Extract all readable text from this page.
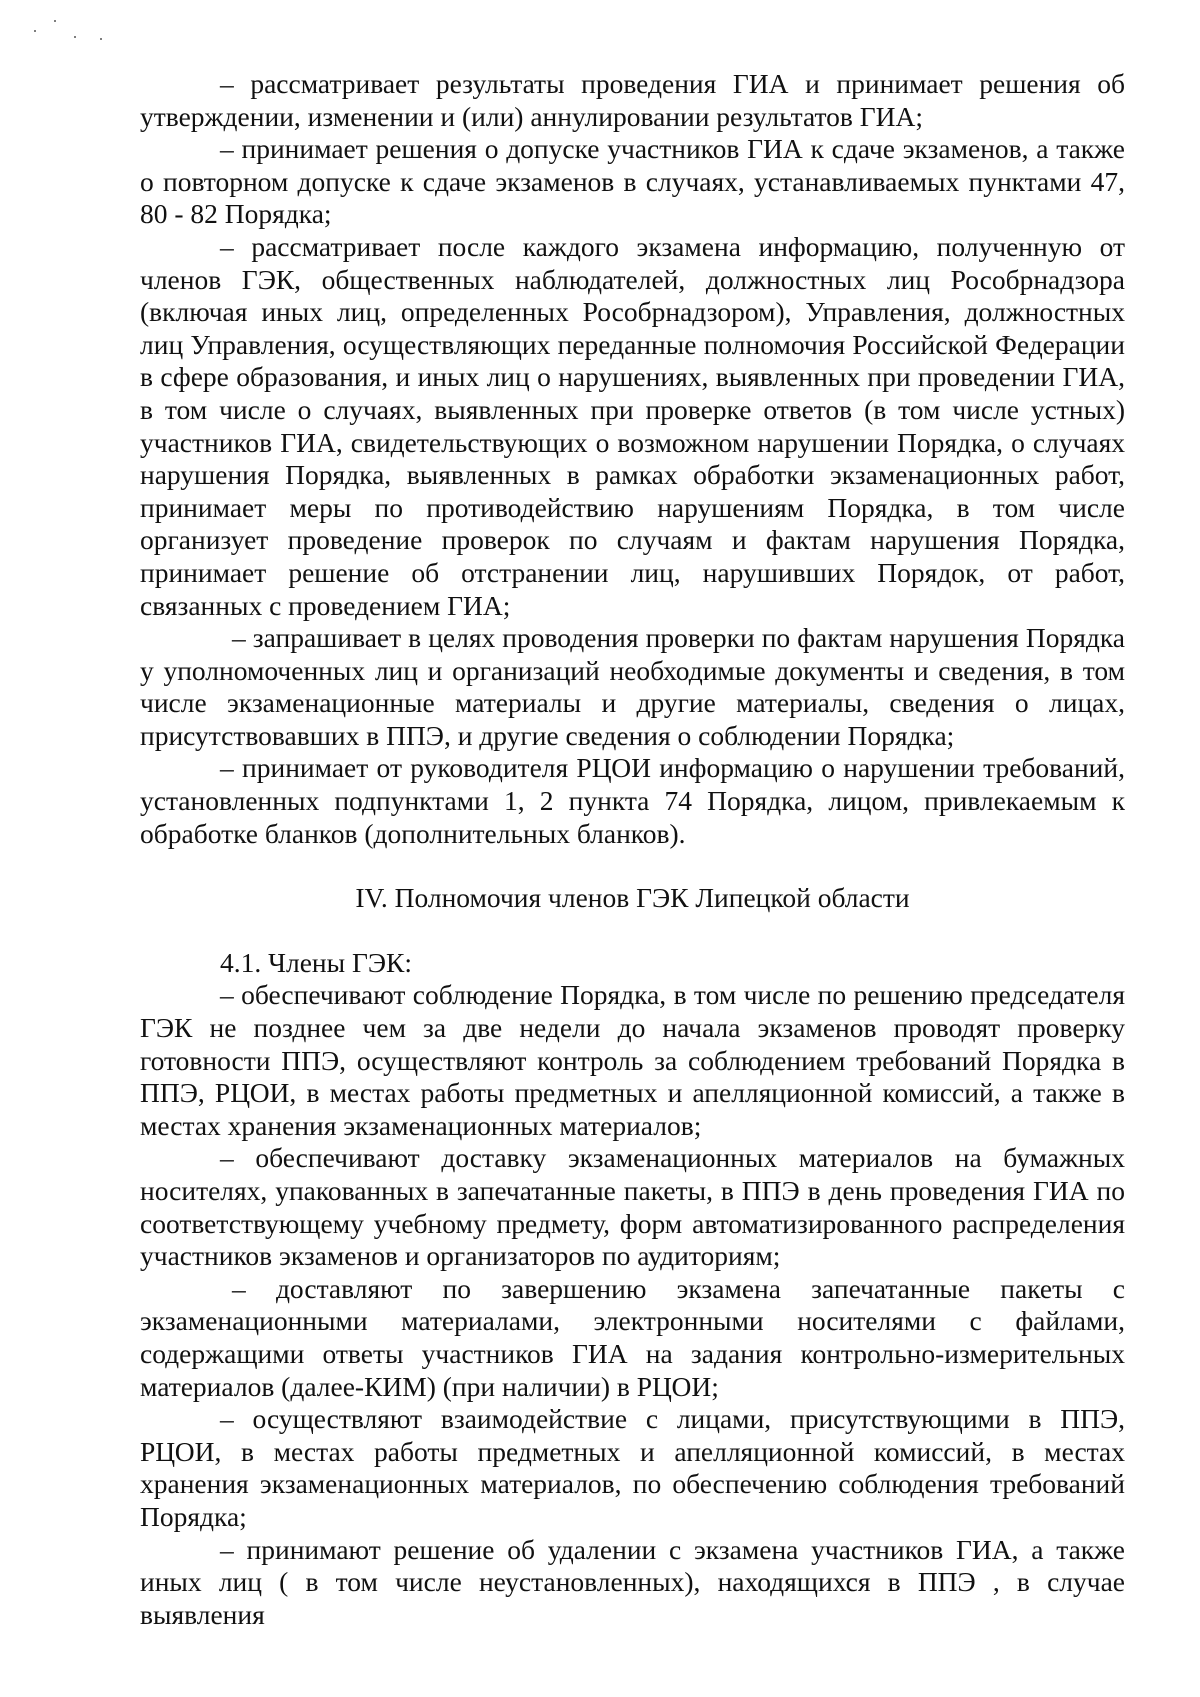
– рассматривает результаты проведения ГИА и принимает решения об утверждении, изменении и (или) аннулировании результатов ГИА;

– принимает решения о допуске участников ГИА к сдаче экзаменов, а также о повторном допуске к сдаче экзаменов в случаях, устанавливаемых пунктами 47, 80 - 82 Порядка;

– рассматривает после каждого экзамена информацию, полученную от членов ГЭК, общественных наблюдателей, должностных лиц Рособрнадзора (включая иных лиц, определенных Рособрнадзором), Управления, должностных лиц Управления, осуществляющих переданные полномочия Российской Федерации в сфере образования, и иных лиц о нарушениях, выявленных при проведении ГИА, в том числе о случаях, выявленных при проверке ответов (в том числе устных) участников ГИА, свидетельствующих о возможном нарушении Порядка, о случаях нарушения Порядка, выявленных в рамках обработки экзаменационных работ, принимает меры по противодействию нарушениям Порядка, в том числе организует проведение проверок по случаям и фактам нарушения Порядка, принимает решение об отстранении лиц, нарушивших Порядок, от работ, связанных с проведением ГИА;

– запрашивает в целях проводения проверки по фактам нарушения Порядка у уполномоченных лиц и организаций необходимые документы и сведения, в том числе экзаменационные материалы и другие материалы, сведения о лицах, присутствовавших в ППЭ, и другие сведения о соблюдении Порядка;

– принимает от руководителя РЦОИ информацию о нарушении требований, установленных подпунктами 1, 2 пункта 74 Порядка, лицом, привлекаемым к обработке бланков (дополнительных бланков).

IV. Полномочия членов ГЭК Липецкой области

4.1. Члены ГЭК:

– обеспечивают соблюдение Порядка, в том числе по решению председателя ГЭК не позднее чем за две недели до начала экзаменов проводят проверку готовности ППЭ, осуществляют контроль за соблюдением требований Порядка в ППЭ, РЦОИ, в местах работы предметных и апелляционной комиссий, а также в местах хранения экзаменационных материалов;

– обеспечивают доставку экзаменационных материалов на бумажных носителях, упакованных в запечатанные пакеты, в ППЭ в день проведения ГИА по соответствующему учебному предмету, форм автоматизированного распределения участников экзаменов и организаторов по аудиториям;

– доставляют по завершению экзамена запечатанные пакеты с экзаменационными материалами, электронными носителями с файлами, содержащими ответы участников ГИА на задания контрольно-измерительных материалов (далее-КИМ) (при наличии) в РЦОИ;

– осуществляют взаимодействие с лицами, присутствующими в ППЭ, РЦОИ, в местах работы предметных и апелляционной комиссий, в местах хранения экзаменационных материалов, по обеспечению соблюдения требований Порядка;

– принимают решение об удалении с экзамена участников ГИА, а также иных лиц ( в том числе неустановленных), находящихся в ППЭ , в случае выявления
